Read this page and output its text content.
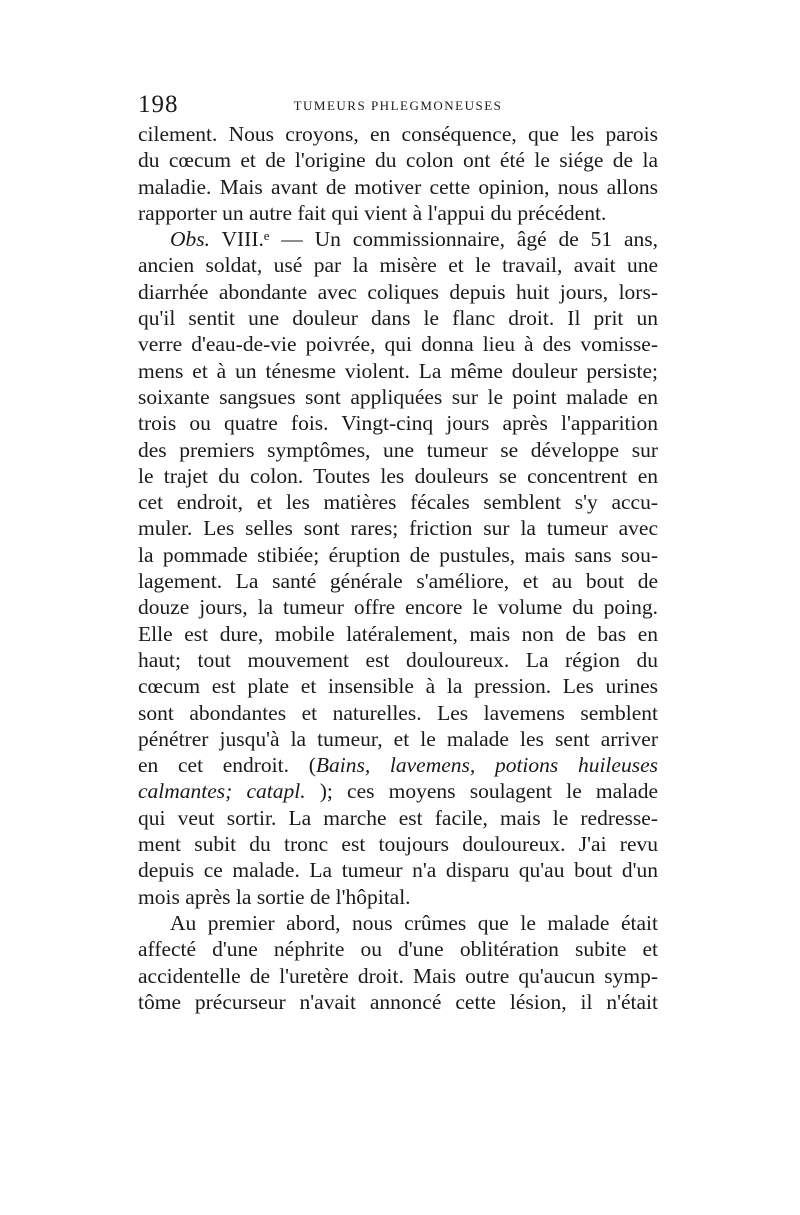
198	TUMEURS PHLEGMONEUSES
cilement. Nous croyons, en conséquence, que les parois
du cœcum et de l'origine du colon ont été le siége de la
maladie. Mais avant de motiver cette opinion, nous allons
rapporter un autre fait qui vient à l'appui du précédent.
Obs. VIII.ᵉ — Un commissionnaire, âgé de 51 ans,
ancien soldat, usé par la misère et le travail, avait une
diarrhée abondante avec coliques depuis huit jours, lors-
qu'il sentit une douleur dans le flanc droit. Il prit un
verre d'eau-de-vie poivrée, qui donna lieu à des vomisse-
mens et à un ténesme violent. La même douleur persiste;
soixante sangsues sont appliquées sur le point malade en
trois ou quatre fois. Vingt-cinq jours après l'apparition
des premiers symptômes, une tumeur se développe sur
le trajet du colon. Toutes les douleurs se concentrent en
cet endroit, et les matières fécales semblent s'y accu-
muler. Les selles sont rares; friction sur la tumeur avec
la pommade stibiée; éruption de pustules, mais sans sou-
lagement. La santé générale s'améliore, et au bout de
douze jours, la tumeur offre encore le volume du poing.
Elle est dure, mobile latéralement, mais non de bas en
haut; tout mouvement est douloureux. La région du
cœcum est plate et insensible à la pression. Les urines
sont abondantes et naturelles. Les lavemens semblent
pénétrer jusqu'à la tumeur, et le malade les sent arriver
en cet endroit. (Bains, lavemens, potions huileuses
calmantes; catapl. ); ces moyens soulagent le malade
qui veut sortir. La marche est facile, mais le redresse-
ment subit du tronc est toujours douloureux. J'ai revu
depuis ce malade. La tumeur n'a disparu qu'au bout d'un
mois après la sortie de l'hôpital.
Au premier abord, nous crûmes que le malade était
affecté d'une néphrite ou d'une oblitération subite et
accidentelle de l'uretère droit. Mais outre qu'aucun symp-
tôme précurseur n'avait annoncé cette lésion, il n'était
